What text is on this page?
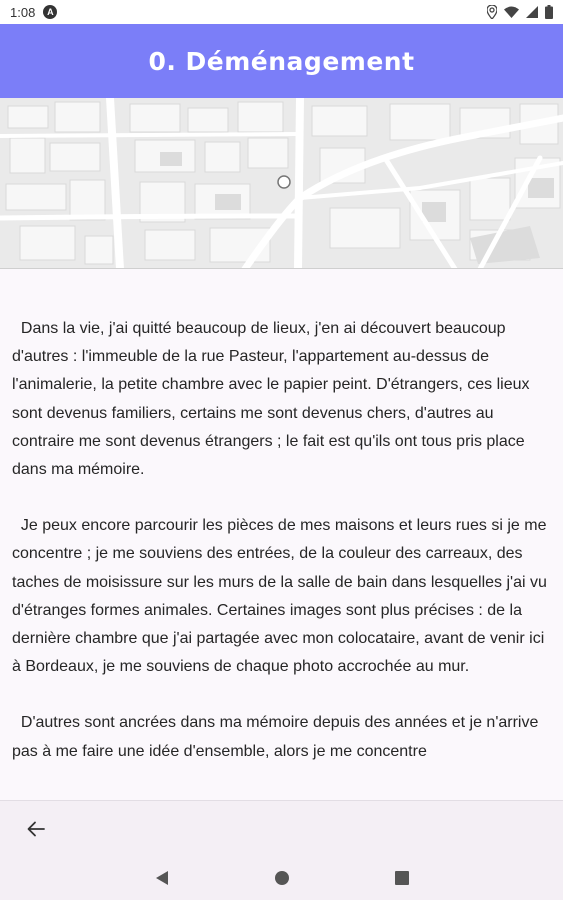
1:08	A
0. Déménagement

Dans la vie, j'ai quitté beaucoup de lieux, j'en ai découvert beaucoup d'autres : l'immeuble de la rue Pasteur, l'appartement au-dessus de l'animalerie, la petite chambre avec le papier peint. D'étrangers, ces lieux sont devenus familiers, certains me sont devenus chers, d'autres au contraire me sont devenus étrangers ; le fait est qu'ils ont tous pris place dans ma mémoire.

Je peux encore parcourir les pièces de mes maisons et leurs rues si je me concentre ; je me souviens des entrées, de la couleur des carreaux, des taches de moisissure sur les murs de la salle de bain dans lesquelles j'ai vu d'étranges formes animales. Certaines images sont plus précises : de la dernière chambre que j'ai partagée avec mon colocataire, avant de venir ici à Bordeaux, je me souviens de chaque photo accrochée au mur.

D'autres sont ancrées dans ma mémoire depuis des années et je n'arrive pas à me faire une idée d'ensemble, alors je me concentre
